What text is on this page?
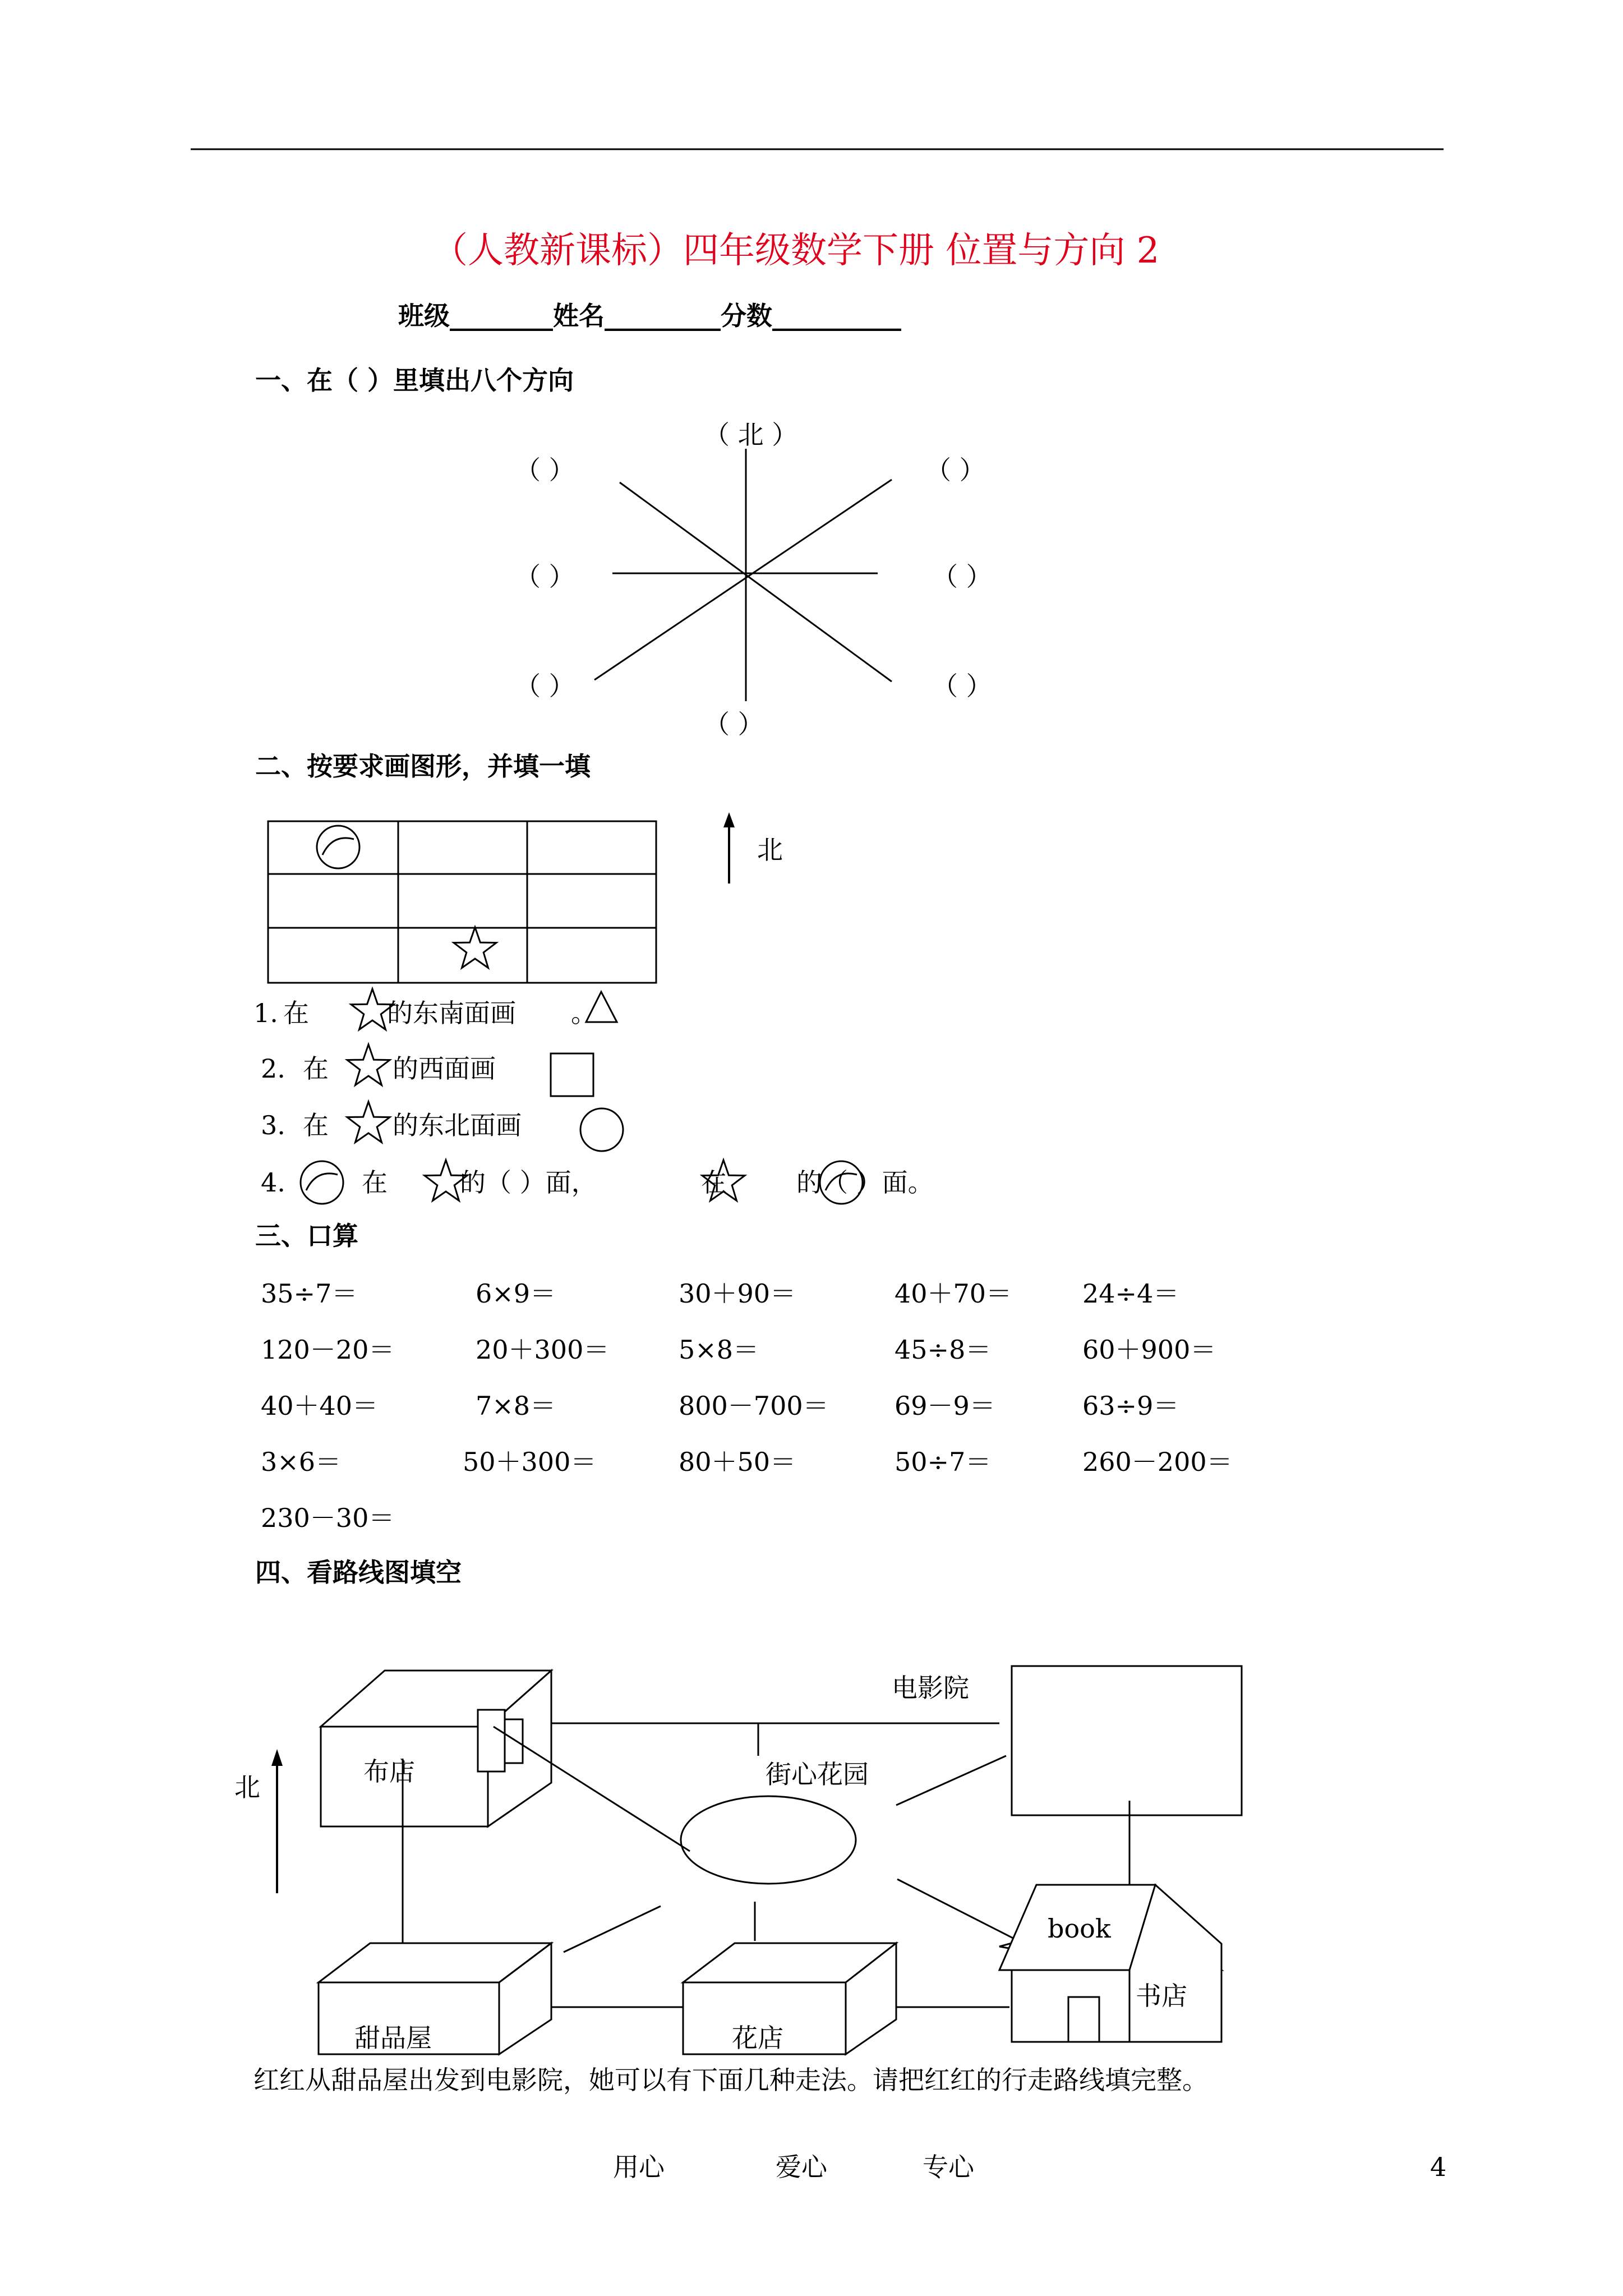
（人教新课标）四年级数学下册 位置与方向 2
班级________姓名_________分数__________
一、在（ ）里填出八个方向
（ 北 ）
（ ）	（ ）
（ ）	（ ）
（ ）	（ ）
（ ）
二、按要求画图形，并填一填
北
1. 在	的东南面画 。
2. 在 的西面画
3. 在 的东北面画
4.	在	的（ ）面，	在	的（ ）面。
三、口算
35÷7＝	6×9＝	30＋90＝	40＋70＝	24÷4＝
120－20＝	20＋300＝	5×8＝	45÷8＝	60＋900＝
40＋40＝	7×8＝	800－700＝	69－9＝	63÷9＝
3×6＝	50＋300＝	80＋50＝	50÷7＝	260－200＝
230－30＝
四、看路线图填空
北
布店
电影院
街心花园
甜品屋	花店
书店
book
红红从甜品屋出发到电影院，她可以有下面几种走法。请把红红的行走路线填完整。
用心	爱心	专心	4
